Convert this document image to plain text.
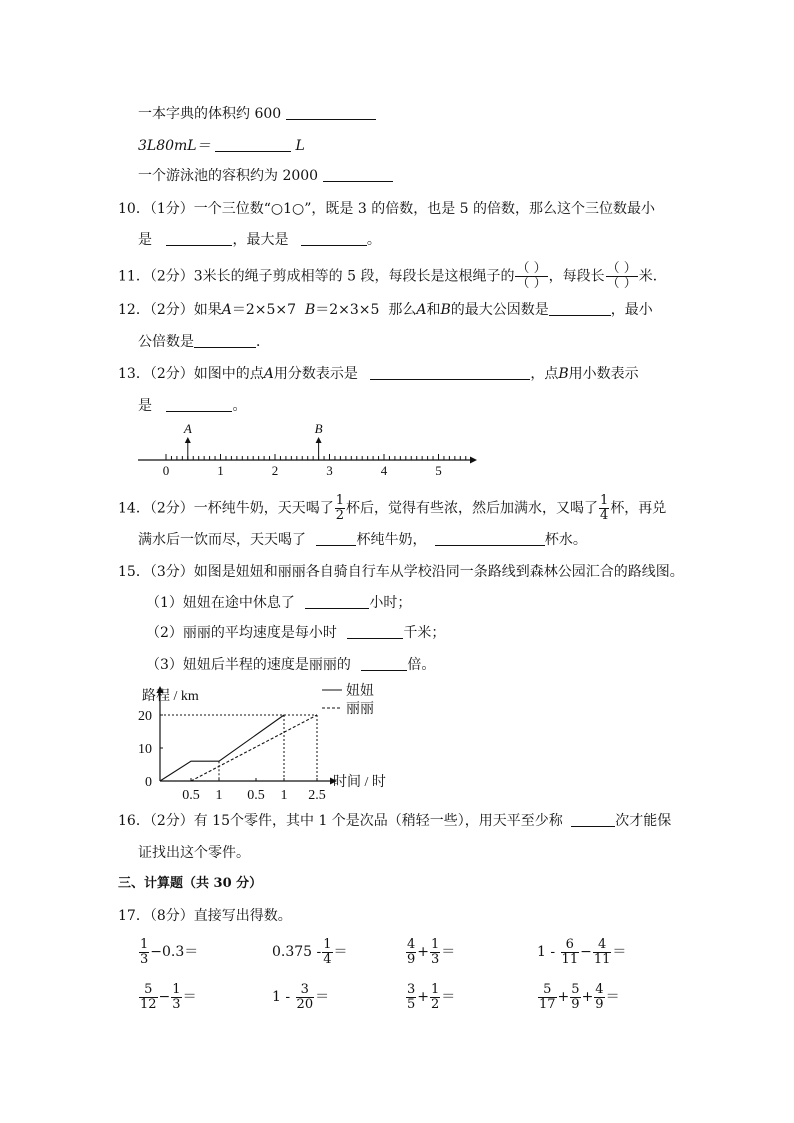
一本字典的体积约 600
3L80mL＝	L
一个游泳池的容积约为 2000
10．（1分）一个三位数“○1○”，既是 3 的倍数，也是 5 的倍数，那么这个三位数最小
是	，最大是	。
11．（2分）3米长的绳子剪成相等的 5 段，每段长是这根绳子的 （ ）
（ ） ，每段长 （ ）
（ ） 米．
12．（2分）如果A＝2×5×7 B＝2×3×5 那么A和B的最大公因数是	，最小
公倍数是	．
13．（2分）如图中的点A用分数表示是	，点B用小数表示
是	。
0	1	2	3	4	5
A	B
14．（2分）一杯纯牛奶，天天喝了 $\frac{1}{2}$ 杯后，觉得有些浓，然后加满水，又喝了 $\frac{1}{4}$ 杯，再兑
满水后一饮而尽，天天喝了	杯纯牛奶，	杯水。
15．（3分）如图是妞妞和丽丽各自骑自行车从学校沿同一条路线到森林公园汇合的路线图。
（1）妞妞在途中休息了	小时；
（2）丽丽的平均速度是每小时	千米；
（3）妞妞后半程的速度是丽丽的	倍。
路程 / km
时间 / 时
0
10
20
0.5 1 0.5 1 2.5
妞妞
丽丽
16．（2分）有 15个零件，其中 1 个是次品（稍轻一些），用天平至少称	次才能保
证找出这个零件。
三、计算题（共 30 分）
17．（8分）直接写出得数。
$\frac{1}{3} -0.3=$	$0.375 - \frac{1}{4}$ ＝	$\frac{4}{9} + \frac{1}{3}$ ＝	$1 - \frac{6}{11} - \frac{4}{11}$ ＝
$\frac{5}{12} - \frac{1}{3}$ ＝	$1 - \frac{3}{20}$ ＝	$\frac{3}{5} + \frac{1}{2}$ ＝	$\frac{5}{17} + \frac{5}{9} + \frac{4}{9}$ ＝
